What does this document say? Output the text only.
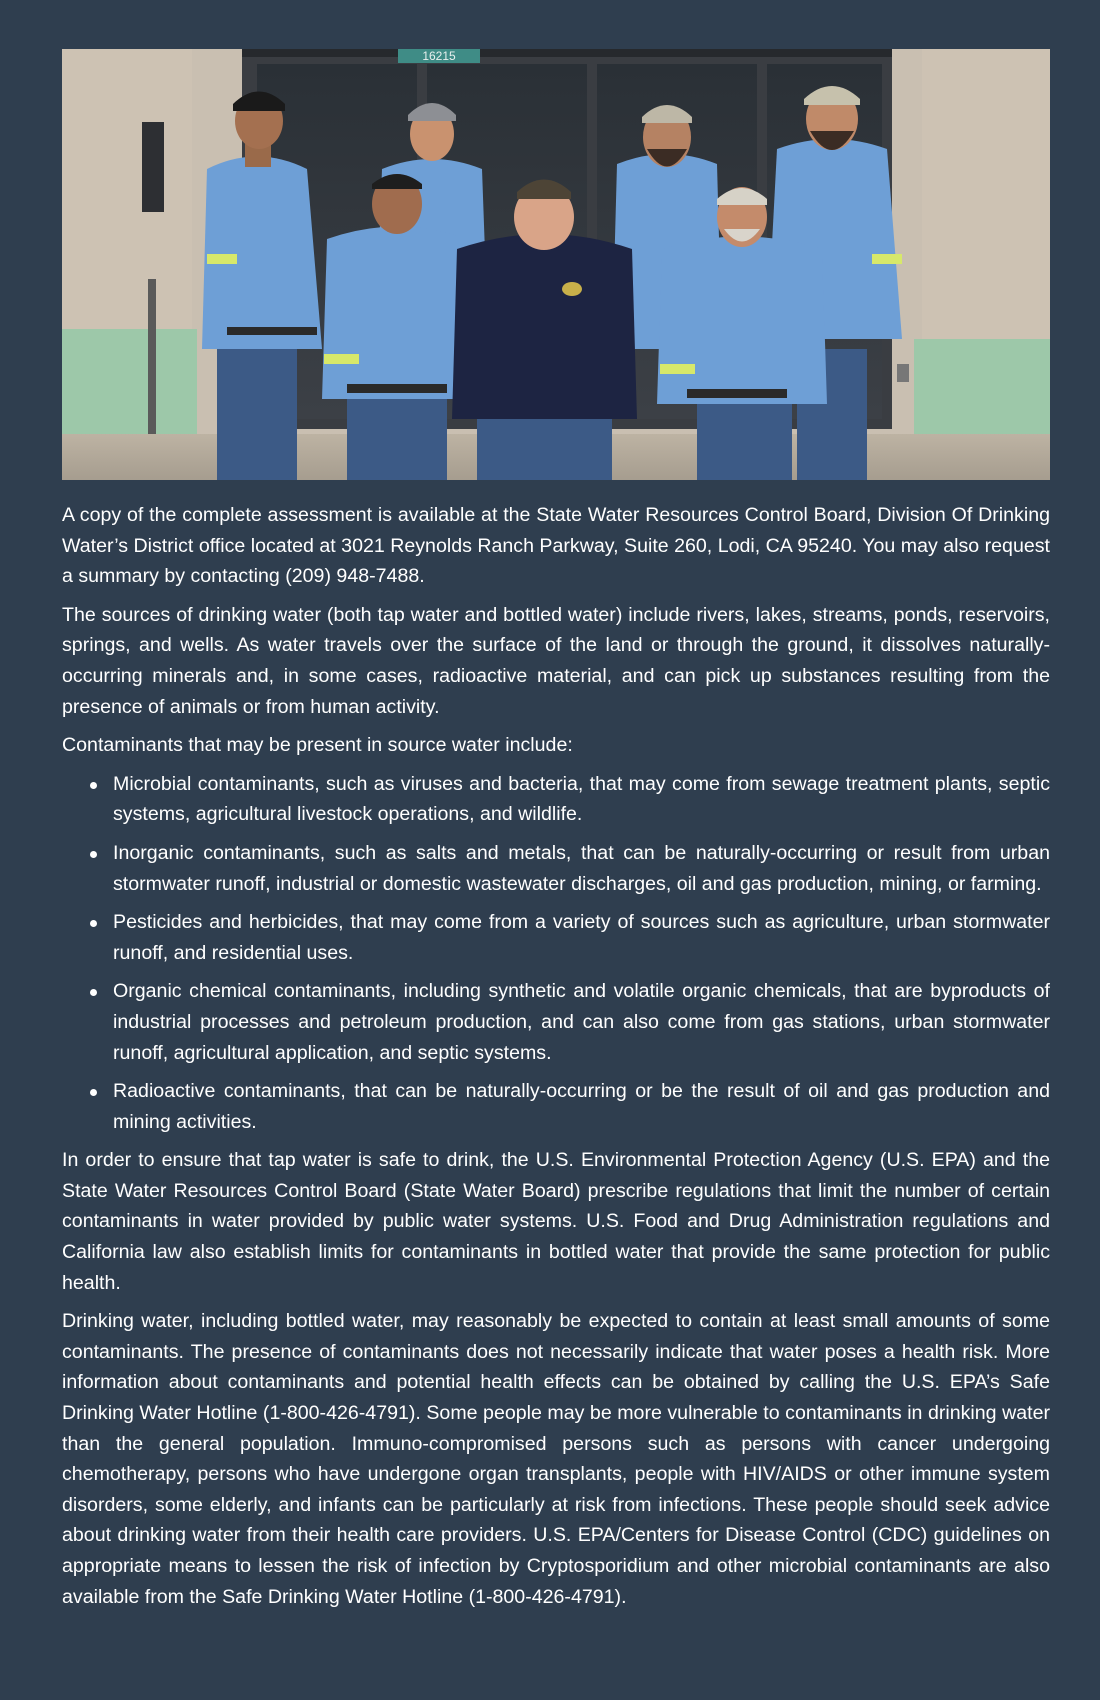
16215

A copy of the complete assessment is available at the State Water Resources Control Board, Division Of Drinking Water’s District office located at 3021 Reynolds Ranch Parkway, Suite 260, Lodi, CA 95240. You may also request a summary by contacting (209) 948-7488.

The sources of drinking water (both tap water and bottled water) include rivers, lakes, streams, ponds, reservoirs, springs, and wells. As water travels over the surface of the land or through the ground, it dissolves naturally-occurring minerals and, in some cases, radioactive material, and can pick up substances resulting from the presence of animals or from human activity.

Contaminants that may be present in source water include:

Microbial contaminants, such as viruses and bacteria, that may come from sewage treatment plants, septic systems, agricultural livestock operations, and wildlife.
Inorganic contaminants, such as salts and metals, that can be naturally-occurring or result from urban stormwater runoff, industrial or domestic wastewater discharges, oil and gas production, mining, or farming.
Pesticides and herbicides, that may come from a variety of sources such as agriculture, urban stormwater runoff, and residential uses.
Organic chemical contaminants, including synthetic and volatile organic chemicals, that are byproducts of industrial processes and petroleum production, and can also come from gas stations, urban stormwater runoff, agricultural application, and septic systems.
Radioactive contaminants, that can be naturally-occurring or be the result of oil and gas production and mining activities.

In order to ensure that tap water is safe to drink, the U.S. Environmental Protection Agency (U.S. EPA) and the State Water Resources Control Board (State Water Board) prescribe regulations that limit the number of certain contaminants in water provided by public water systems. U.S. Food and Drug Administration regulations and California law also establish limits for contaminants in bottled water that provide the same protection for public health.

Drinking water, including bottled water, may reasonably be expected to contain at least small amounts of some contaminants. The presence of contaminants does not necessarily indicate that water poses a health risk. More information about contaminants and potential health effects can be obtained by calling the U.S. EPA’s Safe Drinking Water Hotline (1-800-426-4791). Some people may be more vulnerable to contaminants in drinking water than the general population. Immuno-compromised persons such as persons with cancer undergoing chemotherapy, persons who have undergone organ transplants, people with HIV/AIDS or other immune system disorders, some elderly, and infants can be particularly at risk from infections. These people should seek advice about drinking water from their health care providers. U.S. EPA/Centers for Disease Control (CDC) guidelines on appropriate means to lessen the risk of infection by Cryptosporidium and other microbial contaminants are also available from the Safe Drinking Water Hotline (1-800-426-4791).
